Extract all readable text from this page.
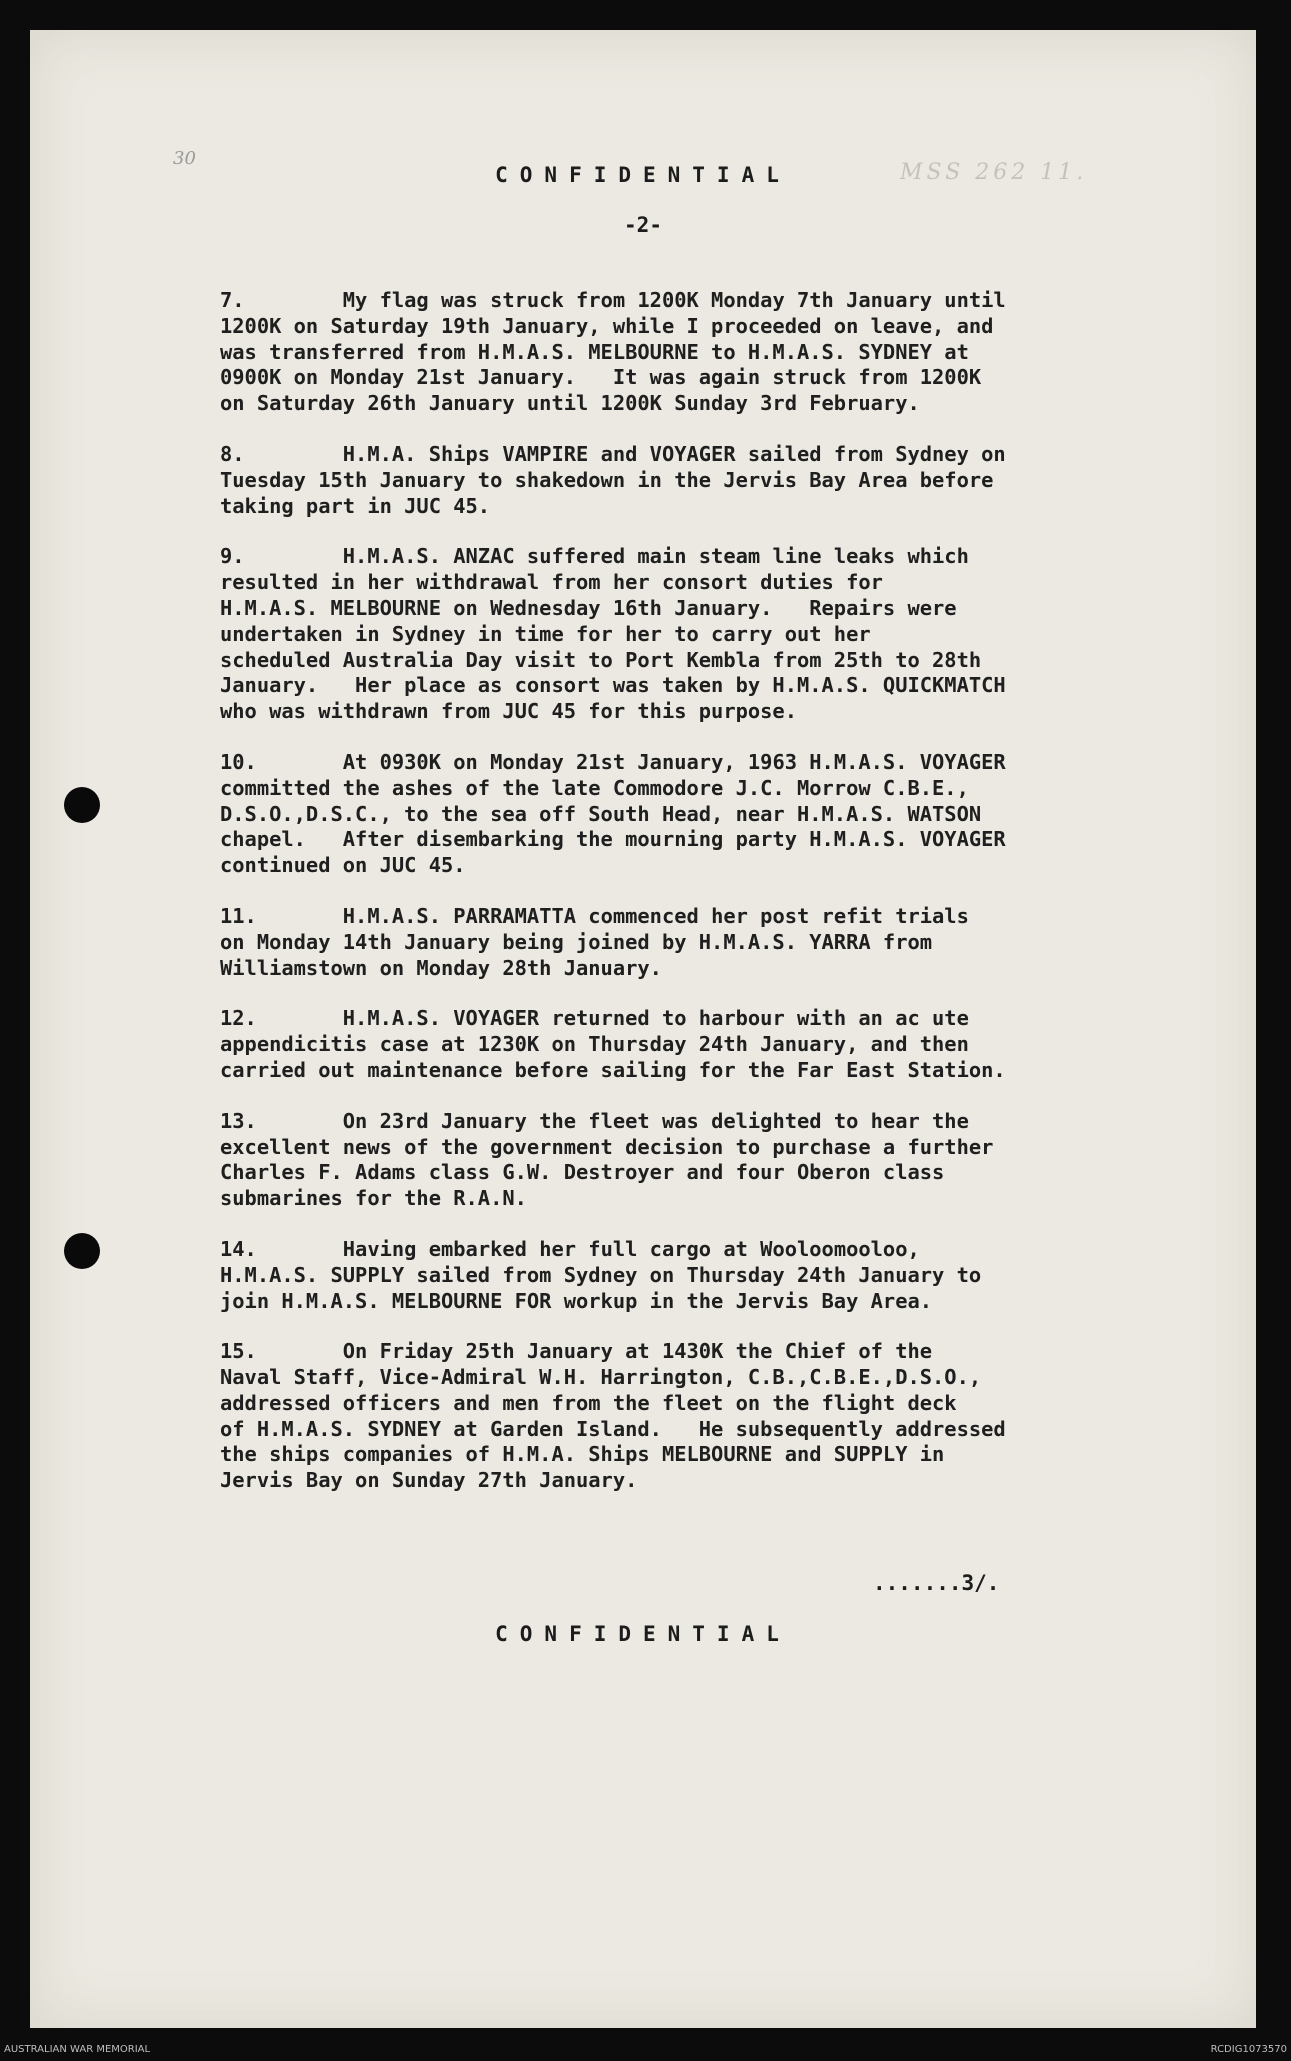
30
MSS 262 11.
CONFIDENTIAL
-2-
7.        My flag was struck from 1200K Monday 7th January until
1200K on Saturday 19th January, while I proceeded on leave, and
was transferred from H.M.A.S. MELBOURNE to H.M.A.S. SYDNEY at
0900K on Monday 21st January.   It was again struck from 1200K
on Saturday 26th January until 1200K Sunday 3rd February.
8.        H.M.A. Ships VAMPIRE and VOYAGER sailed from Sydney on
Tuesday 15th January to shakedown in the Jervis Bay Area before
taking part in JUC 45.
9.        H.M.A.S. ANZAC suffered main steam line leaks which
resulted in her withdrawal from her consort duties for
H.M.A.S. MELBOURNE on Wednesday 16th January.   Repairs were
undertaken in Sydney in time for her to carry out her
scheduled Australia Day visit to Port Kembla from 25th to 28th
January.   Her place as consort was taken by H.M.A.S. QUICKMATCH
who was withdrawn from JUC 45 for this purpose.
10.       At 0930K on Monday 21st January, 1963 H.M.A.S. VOYAGER
committed the ashes of the late Commodore J.C. Morrow C.B.E.,
D.S.O.,D.S.C., to the sea off South Head, near H.M.A.S. WATSON
chapel.   After disembarking the mourning party H.M.A.S. VOYAGER
continued on JUC 45.
11.       H.M.A.S. PARRAMATTA commenced her post refit trials
on Monday 14th January being joined by H.M.A.S. YARRA from
Williamstown on Monday 28th January.
12.       H.M.A.S. VOYAGER returned to harbour with an ac ute
appendicitis case at 1230K on Thursday 24th January, and then
carried out maintenance before sailing for the Far East Station.
13.       On 23rd January the fleet was delighted to hear the
excellent news of the government decision to purchase a further
Charles F. Adams class G.W. Destroyer and four Oberon class
submarines for the R.A.N.
14.       Having embarked her full cargo at Wooloomooloo,
H.M.A.S. SUPPLY sailed from Sydney on Thursday 24th January to
join H.M.A.S. MELBOURNE FOR workup in the Jervis Bay Area.
15.       On Friday 25th January at 1430K the Chief of the
Naval Staff, Vice-Admiral W.H. Harrington, C.B.,C.B.E.,D.S.O.,
addressed officers and men from the fleet on the flight deck
of H.M.A.S. SYDNEY at Garden Island.   He subsequently addressed
the ships companies of H.M.A. Ships MELBOURNE and SUPPLY in
Jervis Bay on Sunday 27th January.
.......3/.
CONFIDENTIAL
AUSTRALIAN WAR MEMORIAL	RCDIG1073570
